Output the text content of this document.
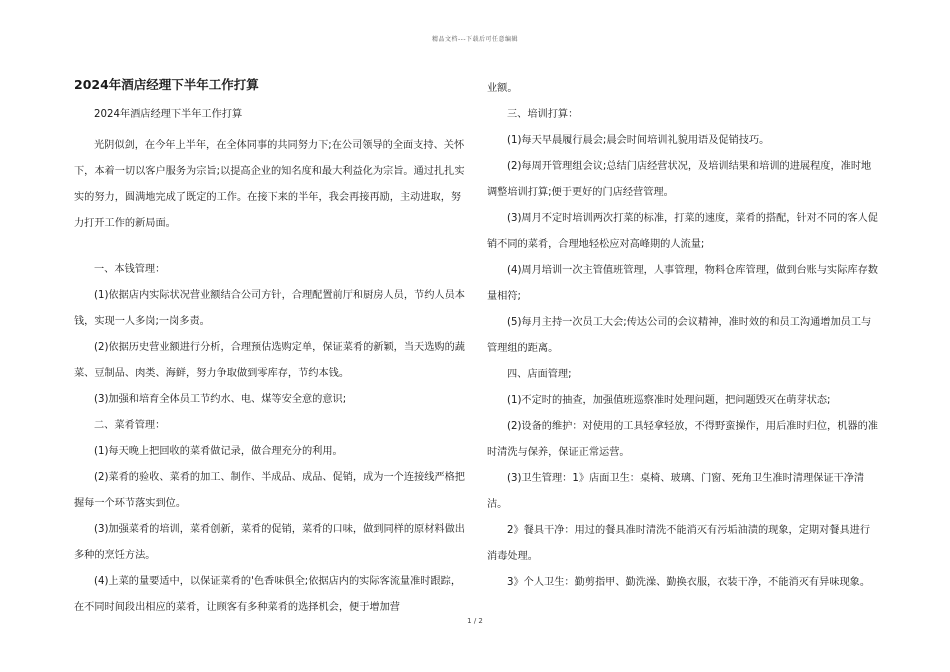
精品文档---下载后可任意编辑
2024年酒店经理下半年工作打算

2024年酒店经理下半年工作打算

光阴似剑，在今年上半年，在全体同事的共同努力下;在公司领导的全面支持、关怀下，本着一切以客户服务为宗旨;以提高企业的知名度和最大利益化为宗旨。通过扎扎实实的努力，圆满地完成了既定的工作。在接下来的半年，我会再接再励，主动进取，努力打开工作的新局面。

一、本钱管理：

(1)依据店内实际状况营业额结合公司方针，合理配置前厅和厨房人员，节约人员本钱，实现一人多岗;一岗多责。

(2)依据历史营业额进行分析，合理预估选购定单，保证菜肴的新颖，当天选购的蔬菜、豆制品、肉类、海鲜，努力争取做到零库存，节约本钱。

(3)加强和培育全体员工节约水、电、煤等安全意的意识;

二、菜肴管理：

(1)每天晚上把回收的菜肴做记录，做合理充分的利用。

(2)菜肴的验收、菜肴的加工、制作、半成品、成品、促销，成为一个连接线严格把握每一个环节落实到位。

(3)加强菜肴的培训，菜肴创新，菜肴的促销，菜肴的口味，做到同样的原材料做出多种的烹饪方法。

(4)上菜的量要适中，以保证菜肴的'色香味俱全;依据店内的实际客流量准时跟踪，在不同时间段出相应的菜肴，让顾客有多种菜肴的选择机会，便于增加营

业额。

三、培训打算：

(1)每天早晨履行晨会;晨会时间培训礼貌用语及促销技巧。

(2)每周开管理组会议;总结门店经营状况，及培训结果和培训的进展程度，准时地调整培训打算;便于更好的门店经营管理。

(3)周月不定时培训两次打菜的标准，打菜的速度，菜肴的搭配，针对不同的客人促销不同的菜肴，合理地轻松应对高峰期的人流量;

(4)周月培训一次主管值班管理，人事管理，物料仓库管理，做到台账与实际库存数量相符;

(5)每月主持一次员工大会;传达公司的会议精神，准时效的和员工沟通增加员工与管理组的距离。

四、店面管理;

(1)不定时的抽查，加强值班巡察准时处理问题，把问题毁灭在萌芽状态;

(2)设备的维护：对使用的工具轻拿轻放，不得野蛮操作，用后准时归位，机器的准时清洗与保养，保证正常运营。

(3)卫生管理：1》店面卫生：桌椅、玻璃、门窗、死角卫生准时清理保证干净清洁。

2》餐具干净：用过的餐具准时清洗不能消灭有污垢油渍的现象，定期对餐具进行消毒处理。

3》个人卫生：勤剪指甲、勤洗澡、勤换衣服，衣装干净，不能消灭有异味现象。

1 / 2
